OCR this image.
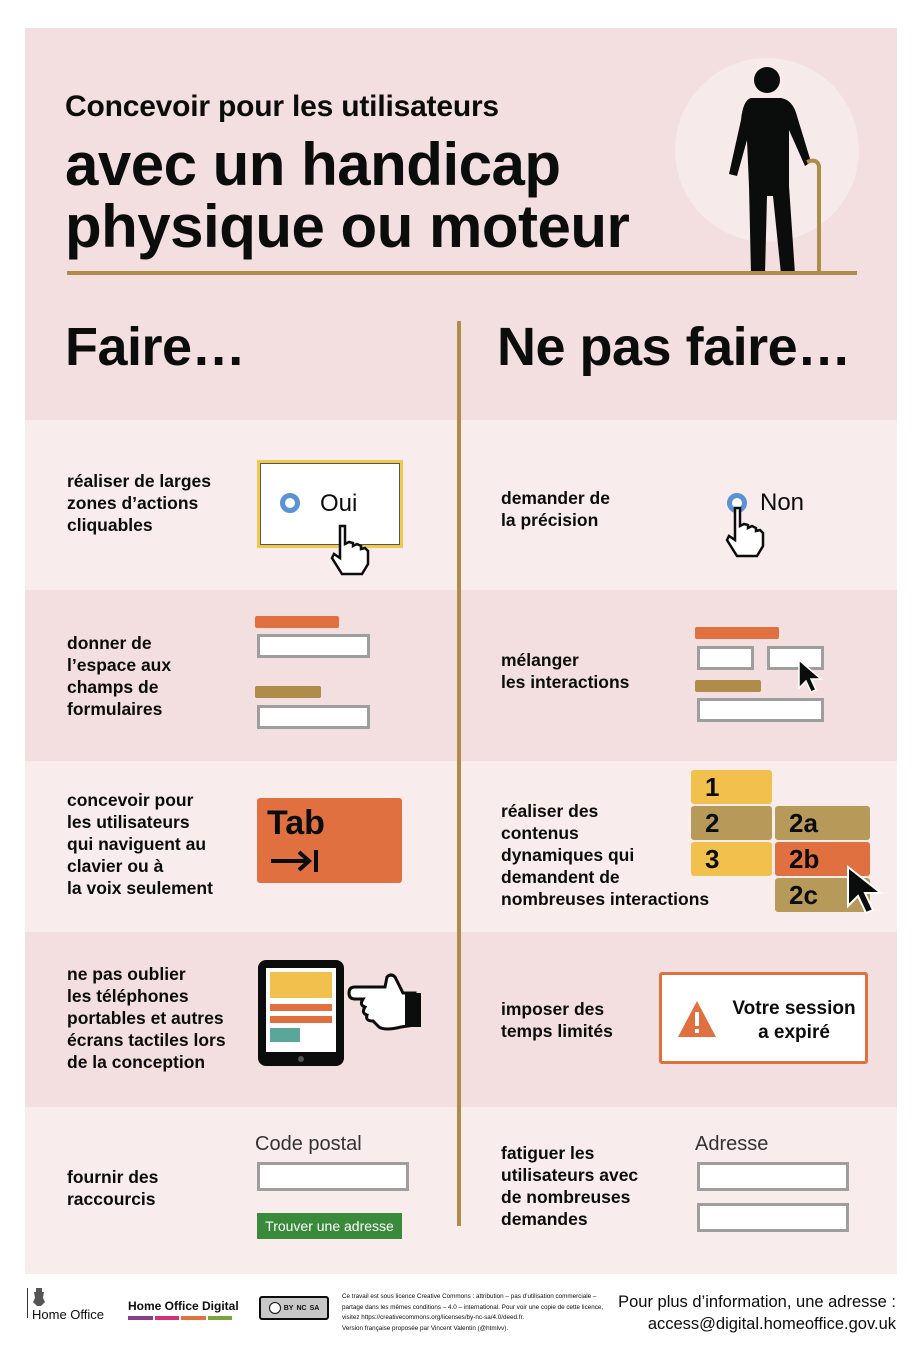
Concevoir pour les utilisateurs
avec un handicap physique ou moteur
Faire…	Ne pas faire…
réaliser de larges
zones d’actions
cliquables
Oui	demander de
la précision
Non
donner de
l’espace aux
champs de
formulaires
mélanger
les interactions
concevoir pour
les utilisateurs
qui naviguent au
clavier ou à
la voix seulement
Tab	réaliser des
contenus
dynamiques qui
demandent de
nombreuses interactions
1
2
3
2a
2b
2c
ne pas oublier
les téléphones
portables et autres
écrans tactiles lors
de la conception
imposer des
temps limités
Votre session
a expiré
fournir des
raccourcis
Code postal
Trouver une adresse
fatiguer les
utilisateurs avec
de nombreuses
demandes
Adresse
Home Office
Home Office Digital	BY NC SA
Ce travail est sous licence Creative Commons : attribution – pas d’utilisation commerciale – partage dans les mêmes conditions – 4.0 – international. Pour voir une copie de cette licence, visitez https://creativecommons.org/licenses/by-nc-sa/4.0/deed.fr.
Version française proposée par Vincent Valentin (@htmlvv).
Pour plus d’information, une adresse :
access@digital.homeoffice.gov.uk
